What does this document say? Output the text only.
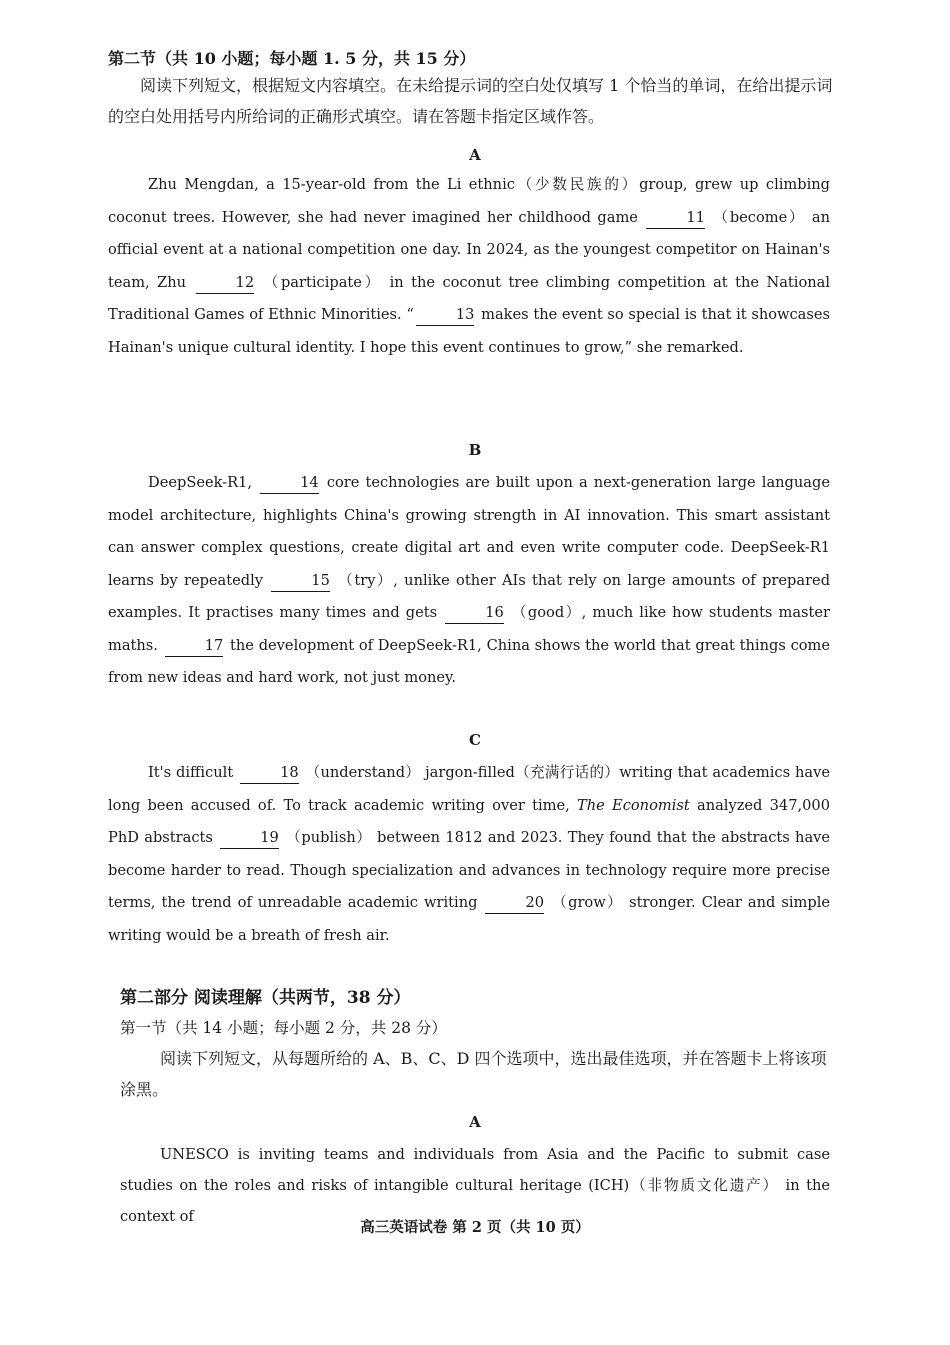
第二节（共 10 小题；每小题 1. 5 分，共 15 分）
阅读下列短文，根据短文内容填空。在未给提示词的空白处仅填写 1 个恰当的单词，在给出提示词的空白处用括号内所给词的正确形式填空。请在答题卡指定区域作答。
A
Zhu Mengdan, a 15-year-old from the Li ethnic（少数民族的）group, grew up climbing coconut trees. However, she had never imagined her childhood game	11 （become） an official event at a national competition one day. In 2024, as the youngest competitor on Hainan's team, Zhu	12 （participate） in the coconut tree climbing competition at the National Traditional Games of Ethnic Minorities. “	13 makes the event so special is that it showcases Hainan's unique cultural identity. I hope this event continues to grow,” she remarked.
B
DeepSeek-R1,	14 core technologies are built upon a next-generation large language model architecture, highlights China's growing strength in AI innovation. This smart assistant can answer complex questions, create digital art and even write computer code. DeepSeek-R1 learns by repeatedly	15 （try）, unlike other AIs that rely on large amounts of prepared examples. It practises many times and gets	16 （good）, much like how students master maths.	17 the development of DeepSeek-R1, China shows the world that great things come from new ideas and hard work, not just money.
C
It's difficult	18 （understand） jargon-filled（充满行话的）writing that academics have long been accused of. To track academic writing over time, The Economist analyzed 347,000 PhD abstracts	19 （publish） between 1812 and 2023. They found that the abstracts have become harder to read. Though specialization and advances in technology require more precise terms, the trend of unreadable academic writing	20 （grow） stronger. Clear and simple writing would be a breath of fresh air.
第二部分 阅读理解（共两节，38 分）
第一节（共 14 小题；每小题 2 分，共 28 分）
阅读下列短文，从每题所给的 A、B、C、D 四个选项中，选出最佳选项，并在答题卡上将该项涂黑。
A
UNESCO is inviting teams and individuals from Asia and the Pacific to submit case studies on the roles and risks of intangible cultural heritage (ICH)（非物质文化遗产） in the context of
高三英语试卷 第 2 页（共 10 页）
